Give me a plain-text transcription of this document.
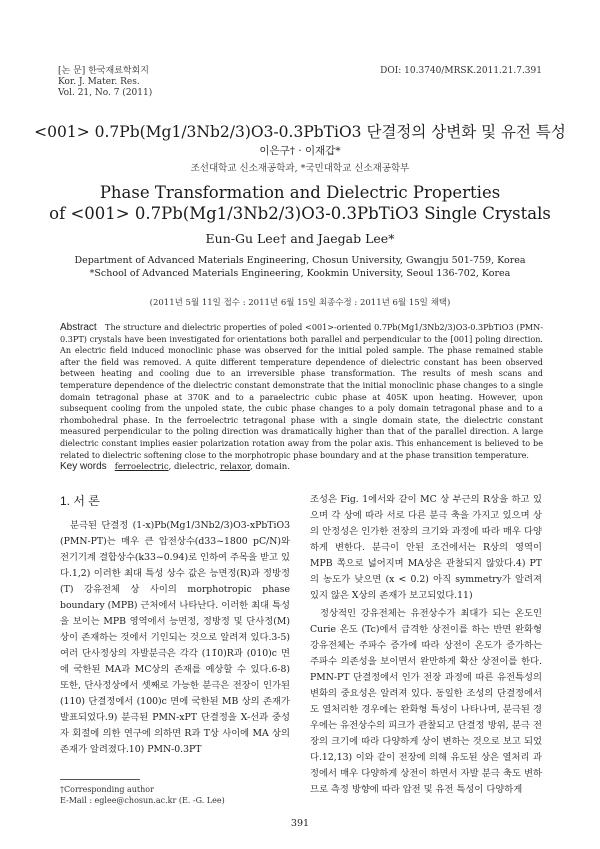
[논 문] 한국재료학회지
Kor. J. Mater. Res.
Vol. 21, No. 7 (2011)
DOI: 10.3740/MRSK.2011.21.7.391
<001> 0.7Pb(Mg1/3Nb2/3)O3-0.3PbTiO3 단결정의 상변화 및 유전 특성
이은구† · 이재갑*
조선대학교 신소재공학과, *국민대학교 신소재공학부
Phase Transformation and Dielectric Properties
of <001> 0.7Pb(Mg1/3Nb2/3)O3-0.3PbTiO3 Single Crystals
Eun-Gu Lee† and Jaegab Lee*
Department of Advanced Materials Engineering, Chosun University, Gwangju 501-759, Korea
*School of Advanced Materials Engineering, Kookmin University, Seoul 136-702, Korea
(2011년 5월 11일 접수 : 2011년 6월 15일 최종수정 : 2011년 6월 15일 채택)
Abstract The structure and dielectric properties of poled <001>-oriented 0.7Pb(Mg1/3Nb2/3)O3-0.3PbTiO3 (PMN-0.3PT) crystals have been investigated for orientations both parallel and perpendicular to the [001] poling direction. An electric field induced monoclinic phase was observed for the initial poled sample. The phase remained stable after the field was removed. A quite different temperature dependence of dielectric constant has been observed between heating and cooling due to an irreversible phase transformation. The results of mesh scans and temperature dependence of the dielectric constant demonstrate that the initial monoclinic phase changes to a single domain tetragonal phase at 370K and to a paraelectric cubic phase at 405K upon heating. However, upon subsequent cooling from the unpoled state, the cubic phase changes to a poly domain tetragonal phase and to a rhombohedral phase. In the ferroelectric tetragonal phase with a single domain state, the dielectric constant measured perpendicular to the poling direction was dramatically higher than that of the parallel direction. A large dielectric constant implies easier polarization rotation away from the polar axis. This enhancement is believed to be related to dielectric softening close to the morphotropic phase boundary and at the phase transition temperature.
Key words ferroelectric, dielectric, relaxor, domain.
1. 서 론
분극된 단결정 (1-x)Pb(Mg1/3Nb2/3)O3-xPbTiO3 (PMN-PT)는 매우 큰 압전상수(d33~1800 pC/N)와 전기기계 결합상수(k33~0.94)로 인하여 주목을 받고 있다.1,2) 이러한 최대 특성 상수 값은 능면정(R)과 정방정(T) 강유전체 상 사이의 morphotropic phase boundary (MPB) 근처에서 나타난다. 이러한 최대 특성을 보이는 MPB 영역에서 능면정, 정방정 및 단사정(M) 상이 존재하는 것에서 기인되는 것으로 알려져 있다.3-5) 여러 단사정상의 자발분극은 각각 (11̄0)R과 (010)c 면에 국한된 MA과 MC상의 존재를 예상할 수 있다.6-8) 또한, 단사정상에서 셋째로 가능한 분극은 전장이 인가된 (110) 단결정에서 (100)c 면에 국한된 MB 상의 존재가 발표되었다.9) 분극된 PMN-xPT 단결정을 X-선과 중성자 회절에 의한 연구에 의하면 R과 T상 사이에 MA 상의 존재가 알려졌다.10) PMN-0.3PT

조성은 Fig. 1에서와 같이 MC 상 부근의 R상을 하고 있으며 각 상에 따라 서로 다른 분극 축을 가지고 있으며 상의 안정성은 인가한 전장의 크기와 과정에 따라 매우 다양하게 변한다. 분극이 안된 조건에서는 R상의 영역이 MPB 쪽으로 넓어지며 MA상은 관찰되지 않았다.4) PT의 농도가 낮으면 (x < 0.2) 아직 symmetry가 알려져 있지 않은 X상의 존재가 보고되었다.11)

정상적인 강유전체는 유전상수가 최대가 되는 온도인 Curie 온도 (Tc)에서 급격한 상전이를 하는 반면 완화형 강유전체는 주파수 증가에 따라 상전이 온도가 증가하는 주파수 의존성을 보이면서 완만하게 확산 상전이를 한다. PMN-PT 단결정에서 인가 전장 과정에 따른 유전특성의 변화의 중요성은 알려져 있다. 동일한 조성의 단결정에서도 열처리한 경우에는 완화형 특성이 나타나며, 분극된 경우에는 유전상수의 피크가 관찰되고 단결정 방위, 분극 전장의 크기에 따라 다양하게 상이 변하는 것으로 보고 되었다.12,13) 이와 같이 전장에 의해 유도된 상은 열처리 과정에서 매우 다양하게 상전이 하면서 자발 분극 축도 변하므로 측정 방향에 따라 압전 및 유전 특성이 다양하게

†Corresponding author
E-Mail : eglee@chosun.ac.kr (E. -G. Lee)
391
